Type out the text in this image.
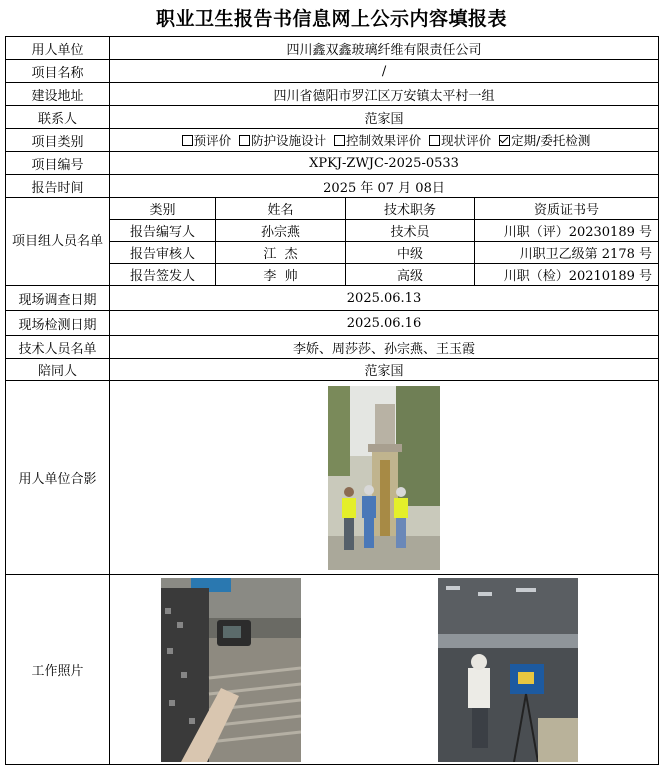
职业卫生报告书信息网上公示内容填报表
用人单位	四川鑫双鑫玻璃纤维有限责任公司			
项目名称	/			
建设地址	四川省德阳市罗江区万安镇太平村一组			
联系人	范家国			
项目类别	预评价 防护设施设计 控制效果评价 现状评价 定期/委托检测			
项目编号	XPKJ-ZWJC-2025-0533			
报告时间	2025 年 07 月 08日			
项目组人员名单	类别	姓名	技术职务	资质证书号
	报告编写人	孙宗燕	技术员	川职（评）20230189 号
	报告审核人	江  杰	中级	川职卫乙级第 2178 号
	报告签发人	李  帅	高级	川职（检）20210189 号
现场调查日期	2025.06.13			
现场检测日期	2025.06.16			
技术人员名单	李娇、周莎莎、孙宗燕、王玉霞			
陪同人	范家国			
用人单位合影	
工作照片	
